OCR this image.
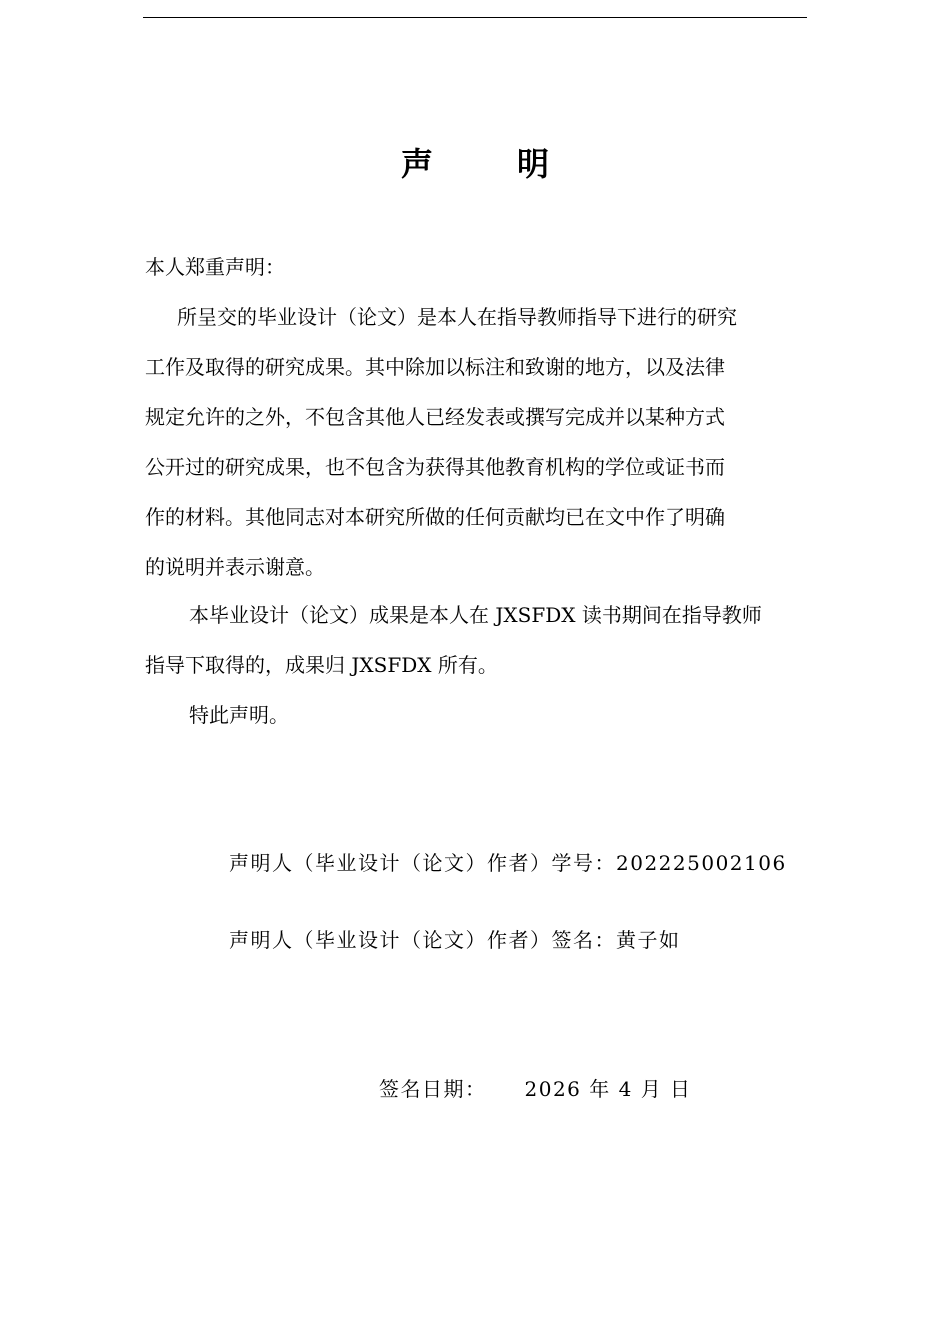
声明
本人郑重声明：
所呈交的毕业设计（论文）是本人在指导教师指导下进行的研究
工作及取得的研究成果。其中除加以标注和致谢的地方，以及法律
规定允许的之外，不包含其他人已经发表或撰写完成并以某种方式
公开过的研究成果，也不包含为获得其他教育机构的学位或证书而
作的材料。其他同志对本研究所做的任何贡献均已在文中作了明确
的说明并表示谢意。
本毕业设计（论文）成果是本人在 JXSFDX 读书期间在指导教师
指导下取得的，成果归 JXSFDX 所有。
特此声明。
声明人（毕业设计（论文）作者）学号：202225002106
声明人（毕业设计（论文）作者）签名：黄子如
签名日期： 2026 年 4 月 日
